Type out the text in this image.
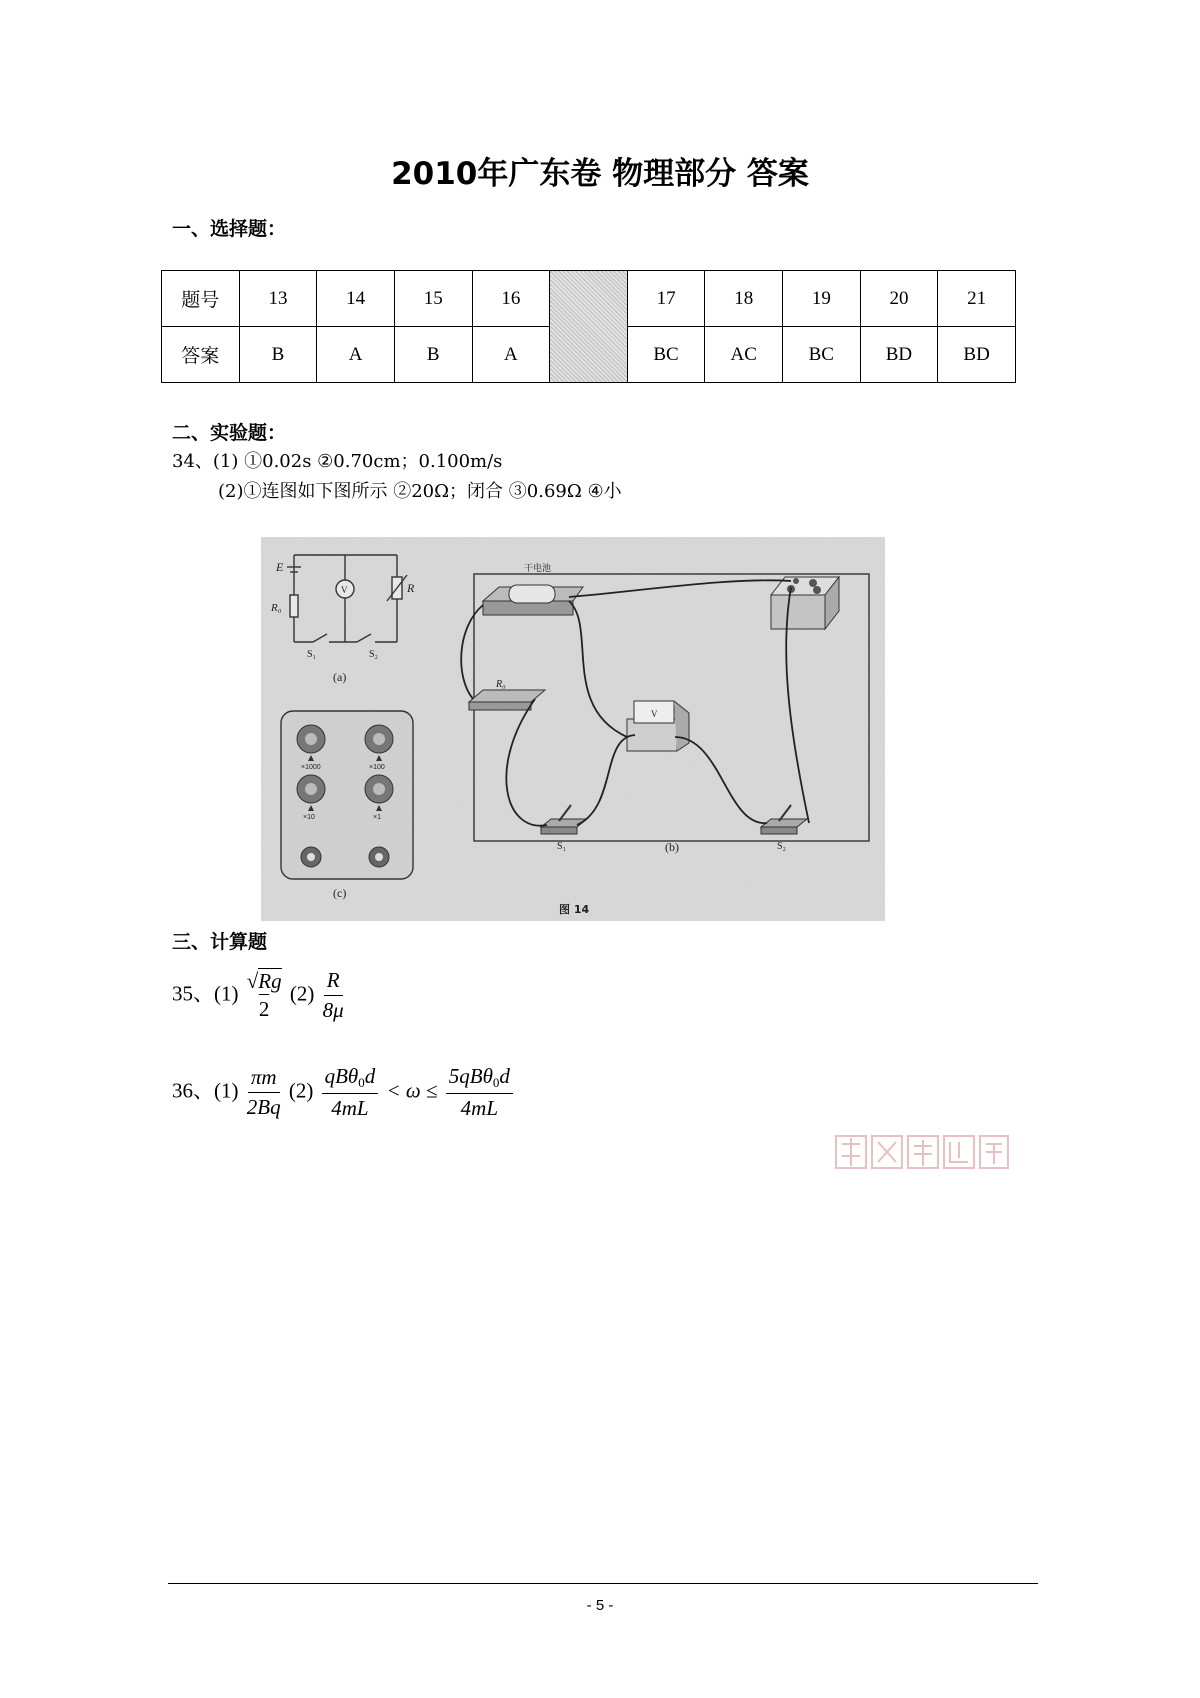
2010年广东卷 物理部分 答案
一、选择题：
题号	13	14	15	16		17	18	19	20	21
答案	B	A	B	A		BC	AC	BC	BD	BD
二、实验题：
34、(1) ①0.02s ②0.70cm；0.100m/s
(2)①连图如下图所示 ②20Ω；闭合 ③0.69Ω ④小
E
R₀
R
V
S₁	S₂
(a)
×1000	×100
×10	×1
(c)
干电池
R₀
V
S₁	S₂
(b)
图 14
三、计算题
35、$(1) \frac{√Rg}{2} (2) \frac{R}{8\mu}$
36、$(1) \frac{\pi m}{2Bq} (2) \frac{qB\theta_0d}{4mL} < \omega \le \frac{5qB\theta_0d}{4mL}$
- 5 -
